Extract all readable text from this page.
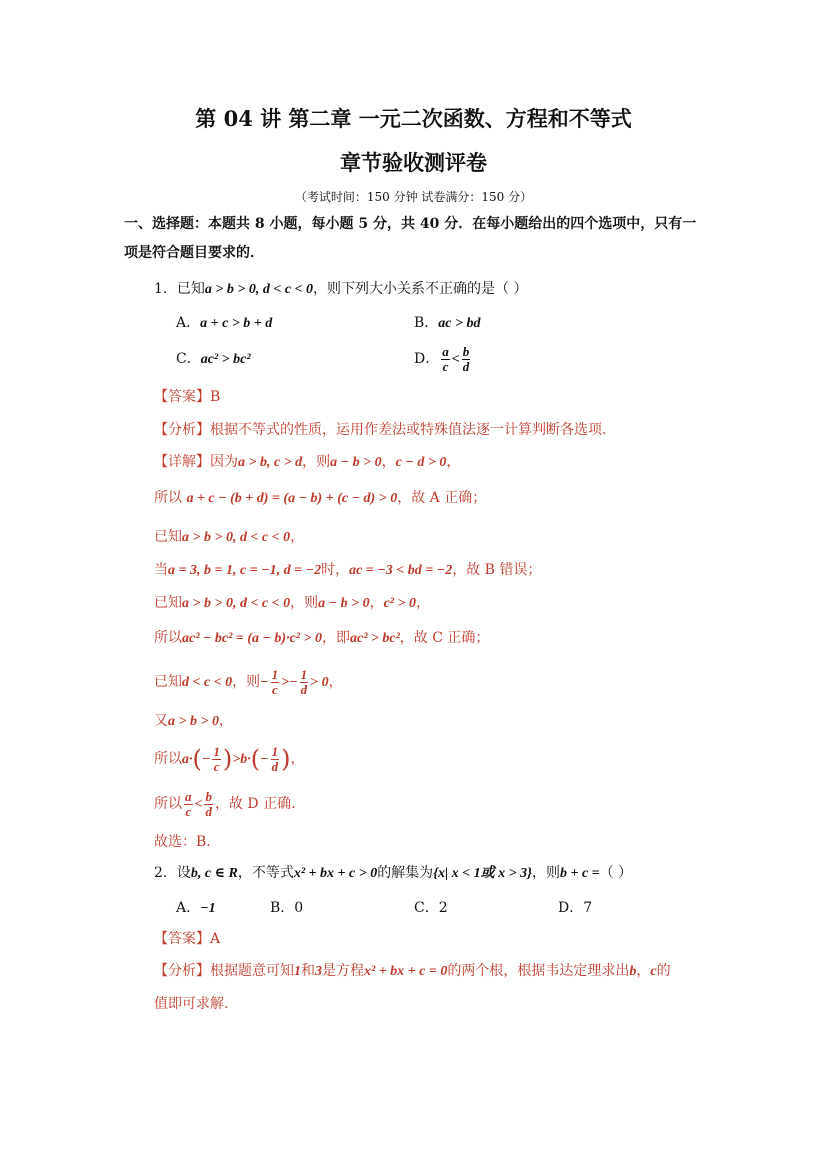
第 04 讲 第二章 一元二次函数、方程和不等式
章节验收测评卷
（考试时间：150 分钟 试卷满分：150 分）
一、选择题：本题共 8 小题，每小题 5 分，共 40 分．在每小题给出的四个选项中，只有一
项是符合题目要求的．
1．已知a > b > 0, d < c < 0，则下列大小关系不正确的是（ ）
A．a + c > b + d	B．ac > bd
C．ac² > bc²	D． $\frac{a}{c} < \frac{b}{d}$
【答案】B
【分析】根据不等式的性质，运用作差法或特殊值法逐一计算判断各选项.
【详解】因为a > b, c > d，则a − b > 0，c − d > 0，
所以 a + c − (b + d) = (a − b) + (c − d) > 0，故 A 正确；
已知a > b > 0, d < c < 0，
当a = 3, b = 1, c = −1, d = −2时，ac = −3 < bd = −2，故 B 错误；
已知a > b > 0, d < c < 0，则a − b > 0，c² > 0，
所以ac² − bc² = (a − b)·c² > 0，即ac² > bc²，故 C 正确；
已知d < c < 0，则− $\frac{1}{c} >- \frac{1}{d} > 0$，
又a > b > 0，
所以$a\cdot(- \frac{1}{c} )>b\cdot(- \frac{1}{d}$ )，
所以 $\frac{a}{c} < \frac{b}{d}$ ，故 D 正确.
故选：B.
2．设b, c ∈ R，不等式x² + bx + c > 0的解集为{x| x < 1或 x > 3}，则b + c =（ ）
A．−1	B．0	C．2	D．7
【答案】A
【分析】根据题意可知1和3是方程x² + bx + c = 0的两个根，根据韦达定理求出b，c的
值即可求解.
